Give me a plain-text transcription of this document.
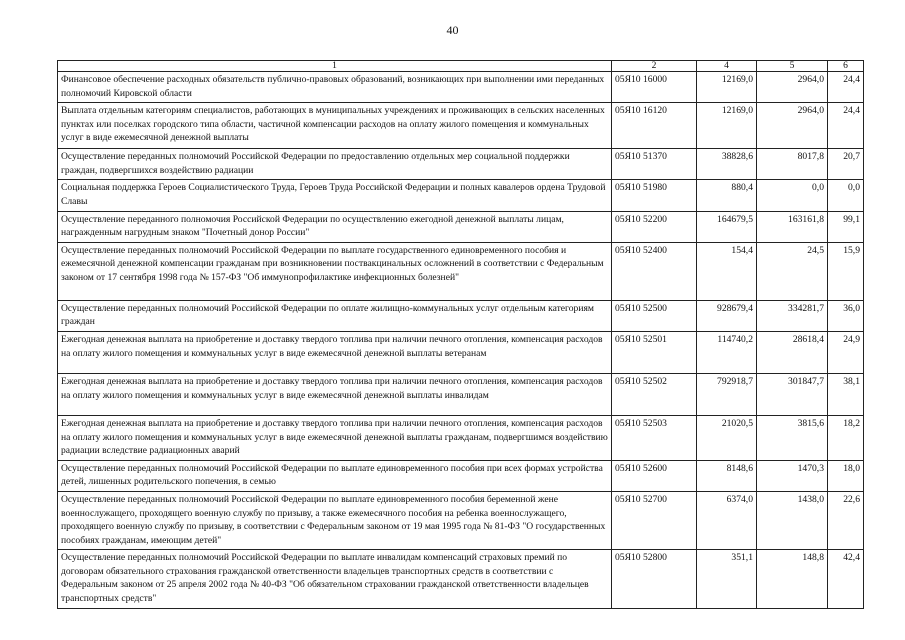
40
1	2	4	5	6
Финансовое обеспечение расходных обязательств публично-правовых образований, возникающих при выполнении ими переданных полномочий Кировской области	05Я10 16000	12169,0	2964,0	24,4
Выплата отдельным категориям специалистов, работающих в муниципальных учреждениях и проживающих в сельских населенных пунктах или поселках городского типа области, частичной компенсации расходов на оплату жилого помещения и коммунальных услуг в виде ежемесячной денежной выплаты	05Я10 16120	12169,0	2964,0	24,4
Осуществление переданных полномочий Российской Федерации по предоставлению отдельных мер социальной поддержки граждан, подвергшихся воздействию радиации	05Я10 51370	38828,6	8017,8	20,7
Социальная поддержка Героев Социалистического Труда, Героев Труда Российской Федерации и полных кавалеров ордена Трудовой Славы	05Я10 51980	880,4	0,0	0,0
Осуществление переданного полномочия Российской Федерации по осуществлению ежегодной денежной выплаты лицам, награжденным нагрудным знаком "Почетный донор России"	05Я10 52200	164679,5	163161,8	99,1
Осуществление переданных полномочий Российской Федерации по выплате государственного единовременного пособия и ежемесячной денежной компенсации гражданам при возникновении поствакцинальных осложнений в соответствии с Федеральным законом от 17 сентября 1998 года № 157-ФЗ "Об иммунопрофилактике инфекционных болезней"	05Я10 52400	154,4	24,5	15,9
Осуществление переданных полномочий Российской Федерации по оплате жилищно-коммунальных услуг отдельным категориям граждан	05Я10 52500	928679,4	334281,7	36,0
Ежегодная денежная выплата на приобретение и доставку твердого топлива при наличии печного отопления, компенсация расходов на оплату жилого помещения и коммунальных услуг в виде ежемесячной денежной выплаты ветеранам	05Я10 52501	114740,2	28618,4	24,9
Ежегодная денежная выплата на приобретение и доставку твердого топлива при наличии печного отопления, компенсация расходов на оплату жилого помещения и коммунальных услуг в виде ежемесячной денежной выплаты инвалидам	05Я10 52502	792918,7	301847,7	38,1
Ежегодная денежная выплата на приобретение и доставку твердого топлива при наличии печного отопления, компенсация расходов на оплату жилого помещения и коммунальных услуг в виде ежемесячной денежной выплаты гражданам, подвергшимся воздействию радиации вследствие радиационных аварий	05Я10 52503	21020,5	3815,6	18,2
Осуществление переданных полномочий Российской Федерации по выплате единовременного пособия при всех формах устройства детей, лишенных родительского попечения, в семью	05Я10 52600	8148,6	1470,3	18,0
Осуществление переданных полномочий Российской Федерации по выплате единовременного пособия беременной жене военнослужащего, проходящего военную службу по призыву, а также ежемесячного пособия на ребенка военнослужащего, проходящего военную службу по призыву, в соответствии с Федеральным законом от 19 мая 1995 года № 81-ФЗ "О государственных пособиях гражданам, имеющим детей"	05Я10 52700	6374,0	1438,0	22,6
Осуществление переданных полномочий Российской Федерации по выплате инвалидам компенсаций страховых премий по договорам обязательного страхования гражданской ответственности владельцев транспортных средств в соответствии с Федеральным законом от 25 апреля 2002 года № 40-ФЗ "Об обязательном страховании гражданской ответственности владельцев транспортных средств"	05Я10 52800	351,1	148,8	42,4
